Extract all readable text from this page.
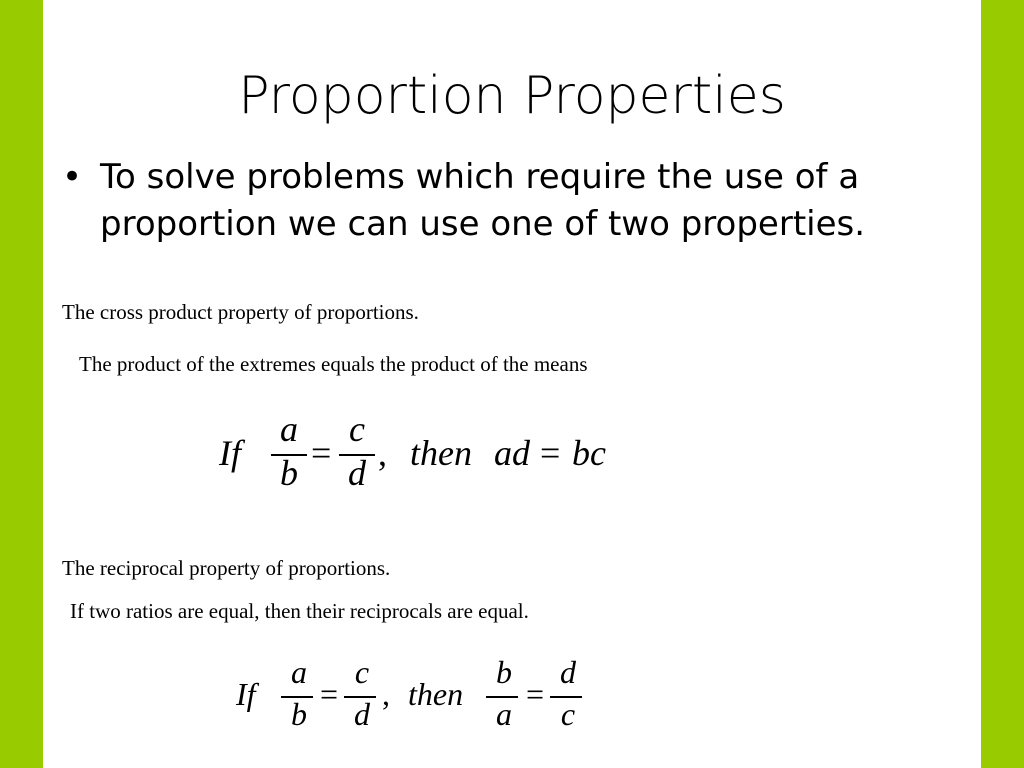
Proportion Properties
• To solve problems which require the use of a proportion we can use one of two properties.
The cross product property of proportions.
The product of the extremes equals the product of the means
If
a
b =
c
d , then ad = bc
The reciprocal property of proportions.
If two ratios are equal, then their reciprocals are equal.
If
a
b
=
c
d
, then
b
a
=
d
c
